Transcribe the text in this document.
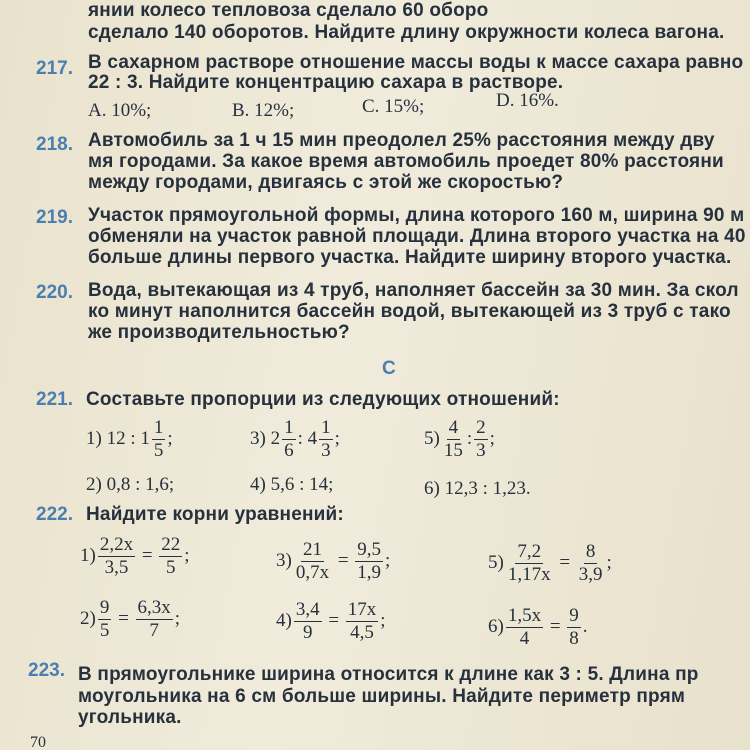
янии колесо тепловоза сделало 60 оборо
сделало 140 оборотов. Найдите длину окружности колеса вагона.
217. В сахарном растворе отношение массы воды к массе сахара равно
22 : 3. Найдите концентрацию сахара в растворе.
A. 10%;	B. 12%;	C. 15%;	D. 16%.
218. Автомобиль за 1 ч 15 мин преодолел 25% расстояния между дву
мя городами. За какое время автомобиль проедет 80% расстояни
между городами, двигаясь с этой же скоростью?
219. Участок прямоугольной формы, длина которого 160 м, ширина 90 м
обменяли на участок равной площади. Длина второго участка на 40
больше длины первого участка. Найдите ширину второго участка.
220. Вода, вытекающая из 4 труб, наполняет бассейн за 30 мин. За скол
ко минут наполнится бассейн водой, вытекающей из 3 труб с тако
же производительностью?
C
221. Составьте пропорции из следующих отношений:
1) 12 : $1 \frac{1}{5}$ ;	3) $2 \frac{1}{6}$ : $4 \frac{1}{3}$ ;	$5) \frac{4}{15}$ : $\frac{2}{3}$ ;
2) 0,8 : 1,6;	4) 5,6 : 14;	6) 12,3 : 1,23.
222. Найдите корни уравнений:
$1) \frac{2,2x}{3,5} = \frac{22}{5}$ ;	$3) \frac{21}{0,7x} = \frac{9,5}{1,9}$ ;	$5) \frac{7,2}{1,17x} = \frac{8}{3,9}$ ;
$2) \frac{9}{5} = \frac{6,3x}{7}$ ;	$4) \frac{3,4}{9} = \frac{17x}{4,5}$ ;	$6) \frac{1,5x}{4} = \frac{9}{8}$ .
223. В прямоугольнике ширина относится к длине как 3 : 5. Длина пр
моугольника на 6 см больше ширины. Найдите периметр прям
угольника.
70
